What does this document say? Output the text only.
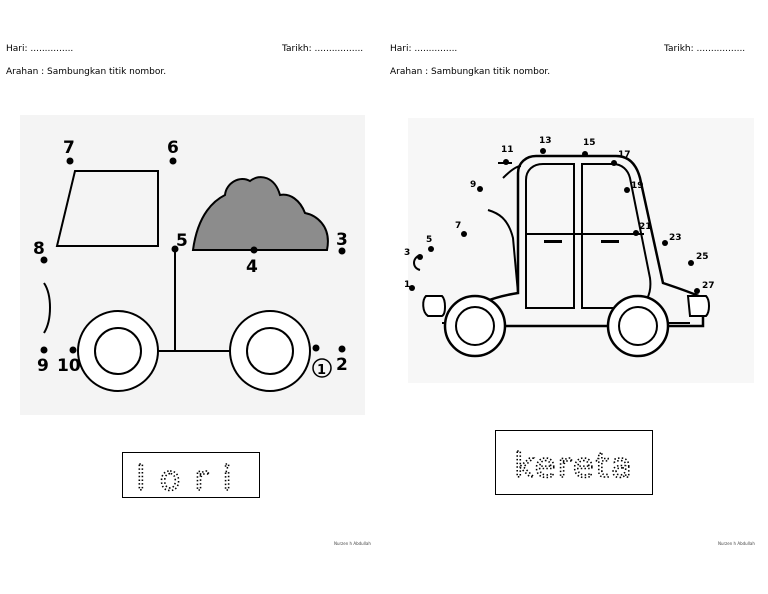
Hari: ...............	Tarikh: .................
Arahan : Sambungkan titik nombor.
7	6
8	5
4
3
9 10	2
1
lori
Nurzen h Abdullah
Hari: ...............	Tarikh: .................
Arahan : Sambungkan titik nombor.
1
3
5
7
9
11
13	15
17
19
21
23
25
27
kereta
Nurzen h Abdullah
